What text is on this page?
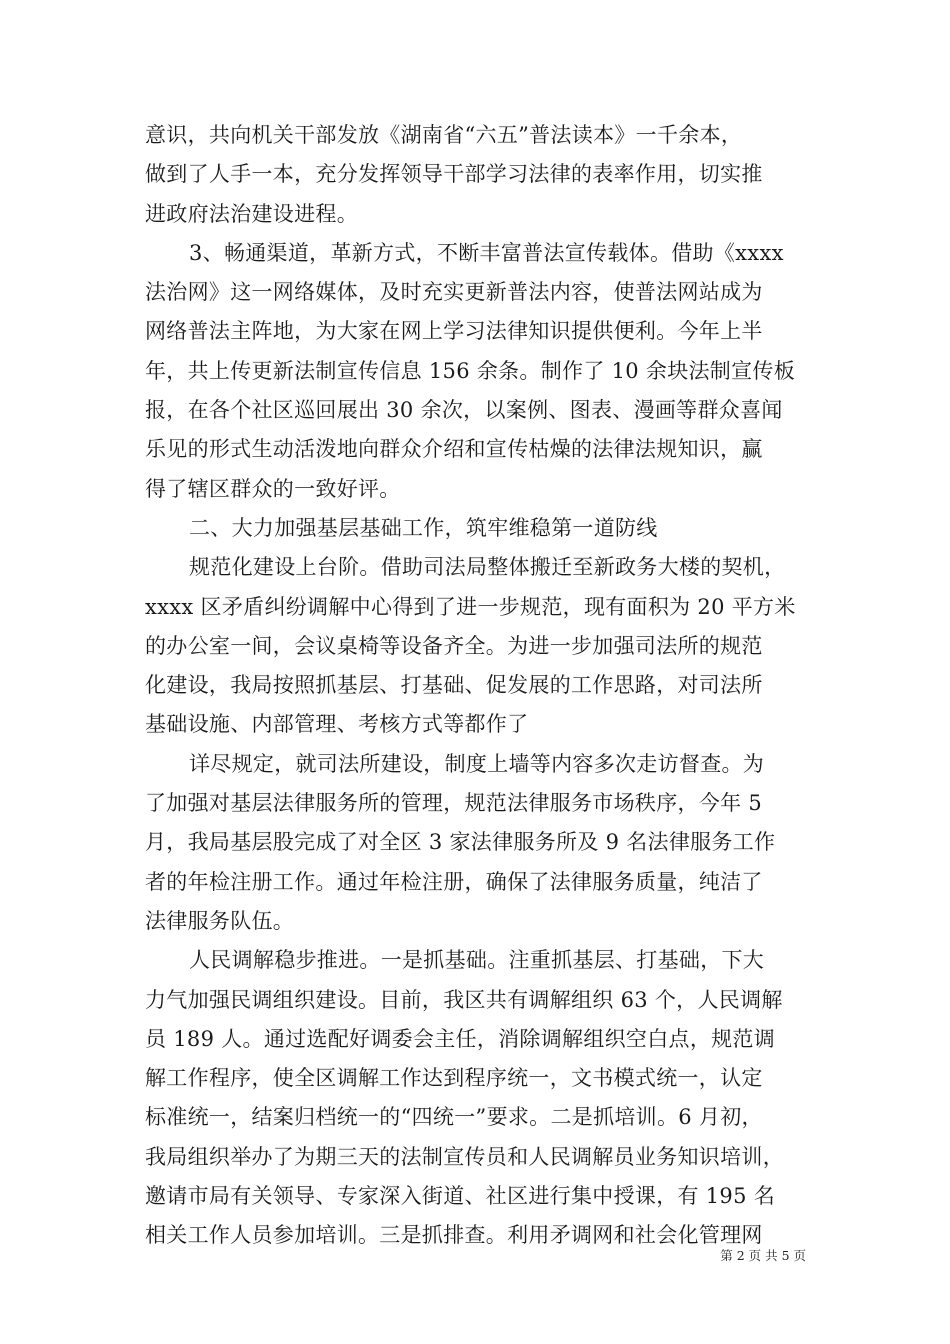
意识，共向机关干部发放《湖南省“六五”普法读本》一千余本，
做到了人手一本，充分发挥领导干部学习法律的表率作用，切实推
进政府法治建设进程。
3、畅通渠道，革新方式，不断丰富普法宣传载体。借助《xxxx
法治网》这一网络媒体，及时充实更新普法内容，使普法网站成为
网络普法主阵地，为大家在网上学习法律知识提供便利。今年上半
年，共上传更新法制宣传信息 156 余条。制作了 10 余块法制宣传板
报，在各个社区巡回展出 30 余次，以案例、图表、漫画等群众喜闻
乐见的形式生动活泼地向群众介绍和宣传枯燥的法律法规知识，赢
得了辖区群众的一致好评。
二、大力加强基层基础工作，筑牢维稳第一道防线
规范化建设上台阶。借助司法局整体搬迁至新政务大楼的契机，
xxxx 区矛盾纠纷调解中心得到了进一步规范，现有面积为 20 平方米
的办公室一间，会议桌椅等设备齐全。为进一步加强司法所的规范
化建设，我局按照抓基层、打基础、促发展的工作思路，对司法所
基础设施、内部管理、考核方式等都作了
详尽规定，就司法所建设，制度上墙等内容多次走访督查。为
了加强对基层法律服务所的管理，规范法律服务市场秩序，今年 5
月，我局基层股完成了对全区 3 家法律服务所及 9 名法律服务工作
者的年检注册工作。通过年检注册，确保了法律服务质量，纯洁了
法律服务队伍。
人民调解稳步推进。一是抓基础。注重抓基层、打基础，下大
力气加强民调组织建设。目前，我区共有调解组织 63 个，人民调解
员 189 人。通过选配好调委会主任，消除调解组织空白点，规范调
解工作程序，使全区调解工作达到程序统一，文书模式统一，认定
标准统一，结案归档统一的“四统一”要求。二是抓培训。6 月初，
我局组织举办了为期三天的法制宣传员和人民调解员业务知识培训，
邀请市局有关领导、专家深入街道、社区进行集中授课，有 195 名
相关工作人员参加培训。三是抓排查。利用矛调网和社会化管理网
第 2 页 共 5 页
